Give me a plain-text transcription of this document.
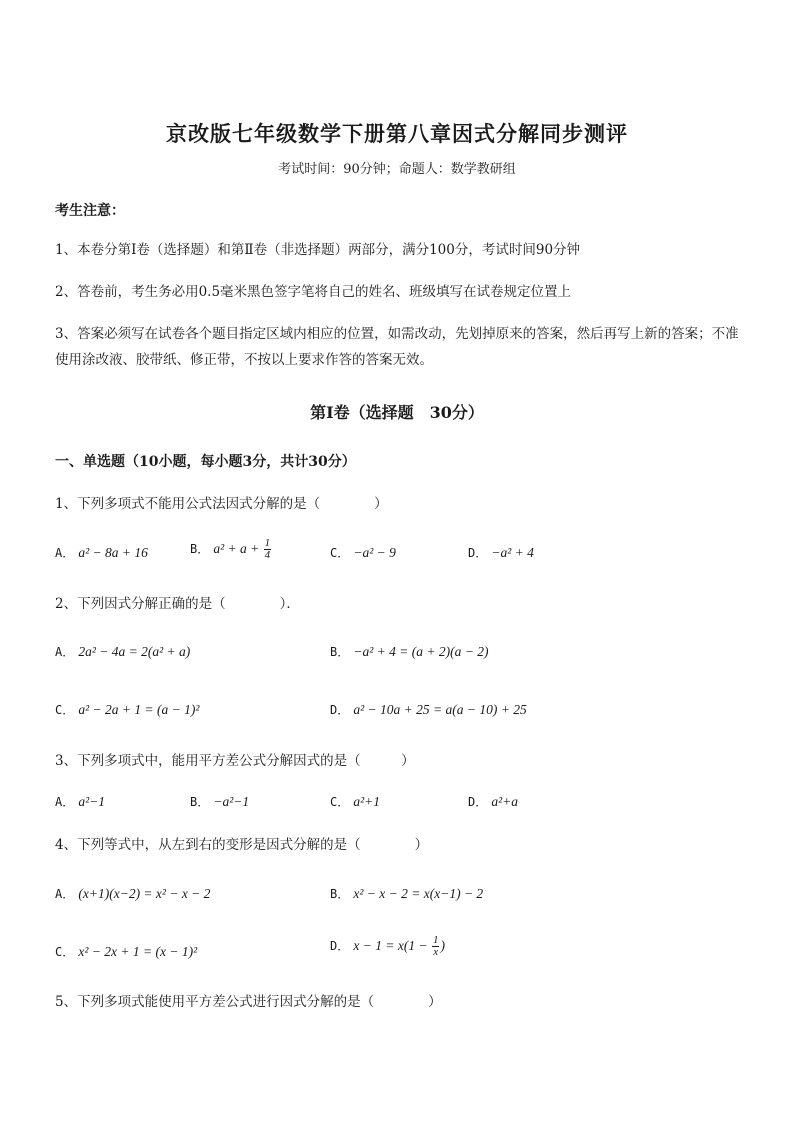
京改版七年级数学下册第八章因式分解同步测评
考试时间：90分钟；命题人：数学教研组
考生注意：
1、本卷分第Ⅰ卷（选择题）和第Ⅱ卷（非选择题）两部分，满分100分，考试时间90分钟
2、答卷前，考生务必用0.5毫米黑色签字笔将自己的姓名、班级填写在试卷规定位置上
3、答案必须写在试卷各个题目指定区域内相应的位置，如需改动，先划掉原来的答案，然后再写上新的答案；不准使用涂改液、胶带纸、修正带，不按以上要求作答的答案无效。
第Ⅰ卷（选择题　30分）
一、单选题（10小题，每小题3分，共计30分）
1、下列多项式不能用公式法因式分解的是（　　　　）
A． a² − 8a + 16	B． $a^2 + a + \frac{1}{4}$	C． −a² − 9	D． −a² + 4
2、下列因式分解正确的是（　　　　）．
A． 2a² − 4a = 2(a² + a)	B． −a² + 4 = (a + 2)(a − 2)
C． a² − 2a + 1 = (a − 1)²	D． a² − 10a + 25 = a(a − 10) + 25
3、下列多项式中，能用平方差公式分解因式的是（　　　）
A． a²−1	B． −a²−1	C． a²+1	D． a²+a
4、下列等式中，从左到右的变形是因式分解的是（　　　　）
A． (x+1)(x−2) = x² − x − 2	B． x² − x − 2 = x(x−1) − 2
C． x² − 2x + 1 = (x − 1)²	D． $x - 1 = x(1 - \frac{1}{x}$ )
5、下列多项式能使用平方差公式进行因式分解的是（　　　　）
